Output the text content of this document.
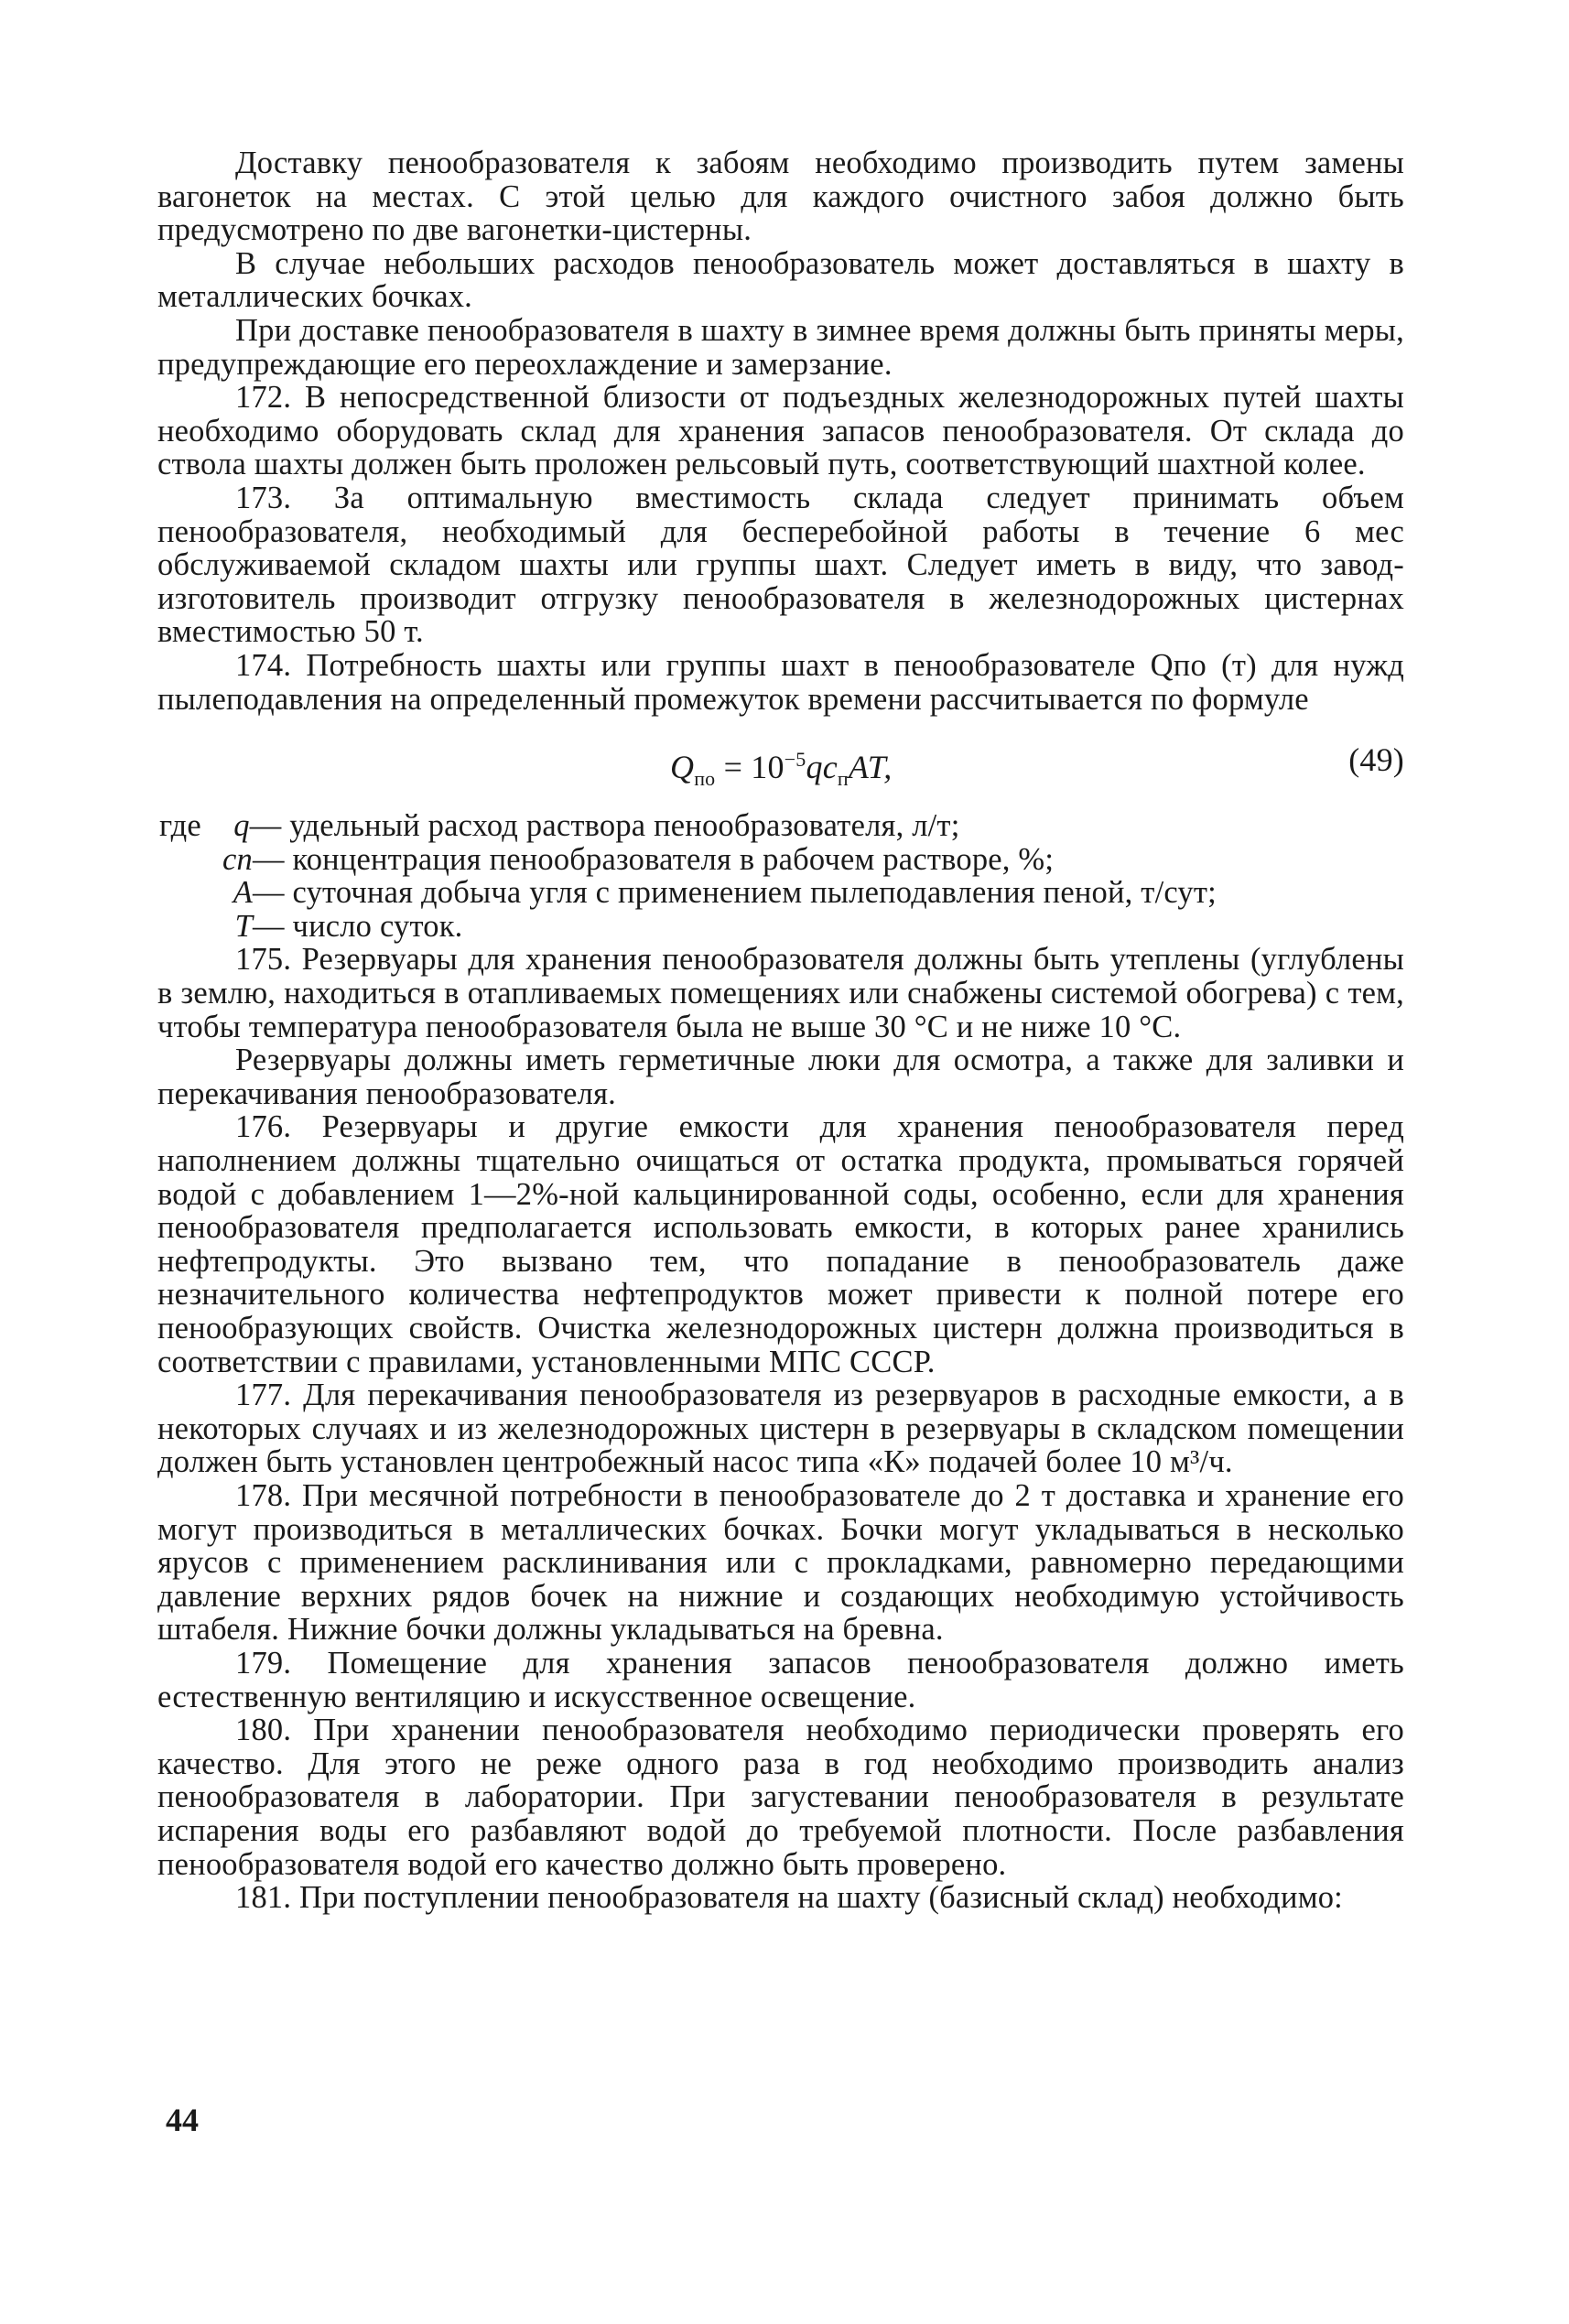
Доставку пенообразователя к забоям необходимо производить путем замены вагонеток на местах. С этой целью для каждого очистного забоя должно быть предусмотрено по две вагонетки-цистерны.

В случае небольших расходов пенообразователь может доставляться в шахту в металлических бочках.

При доставке пенообразователя в шахту в зимнее время должны быть приняты меры, предупреждающие его переохлаждение и замерзание.

172. В непосредственной близости от подъездных железнодорожных путей шахты необходимо оборудовать склад для хранения запасов пенообразователя. От склада до ствола шахты должен быть проложен рельсовый путь, соответствующий шахтной колее.

173. За оптимальную вместимость склада следует принимать объем пенообразователя, необходимый для бесперебойной работы в течение 6 мес обслуживаемой складом шахты или группы шахт. Следует иметь в виду, что завод-изготовитель производит отгрузку пенообразователя в железнодорожных цистернах вместимостью 50 т.

174. Потребность шахты или группы шахт в пенообразователе Qпо (т) для нужд пылеподавления на определенный промежуток времени рассчитывается по формуле

$Q_{по} = 10^{-5}qc_пAT$,	(49)

где q— удельный расход раствора пенообразователя, л/т;

cп— концентрация пенообразователя в рабочем растворе, %;

A— суточная добыча угля с применением пылеподавления пеной, т/сут;

T— число суток.

175. Резервуары для хранения пенообразователя должны быть утеплены (углублены в землю, находиться в отапливаемых помещениях или снабжены системой обогрева) с тем, чтобы температура пенообразователя была не выше 30 °С и не ниже 10 °С.

Резервуары должны иметь герметичные люки для осмотра, а также для заливки и перекачивания пенообразователя.

176. Резервуары и другие емкости для хранения пенообразователя перед наполнением должны тщательно очищаться от остатка продукта, промываться горячей водой с добавлением 1—2%-ной кальцинированной соды, особенно, если для хранения пенообразователя предполагается использовать емкости, в которых ранее хранились нефтепродукты. Это вызвано тем, что попадание в пенообразователь даже незначительного количества нефтепродуктов может привести к полной потере его пенообразующих свойств. Очистка железнодорожных цистерн должна производиться в соответствии с правилами, установленными МПС СССР.

177. Для перекачивания пенообразователя из резервуаров в расходные емкости, а в некоторых случаях и из железнодорожных цистерн в резервуары в складском помещении должен быть установлен центробежный насос типа «К» подачей более 10 м³/ч.

178. При месячной потребности в пенообразователе до 2 т доставка и хранение его могут производиться в металлических бочках. Бочки могут укладываться в несколько ярусов с применением расклинивания или с прокладками, равномерно передающими давление верхних рядов бочек на нижние и создающих необходимую устойчивость штабеля. Нижние бочки должны укладываться на бревна.

179. Помещение для хранения запасов пенообразователя должно иметь естественную вентиляцию и искусственное освещение.

180. При хранении пенообразователя необходимо периодически проверять его качество. Для этого не реже одного раза в год необходимо производить анализ пенообразователя в лаборатории. При загустевании пенообразователя в результате испарения воды его разбавляют водой до требуемой плотности. После разбавления пенообразователя водой его качество должно быть проверено.

181. При поступлении пенообразователя на шахту (базисный склад) необходимо:

44
